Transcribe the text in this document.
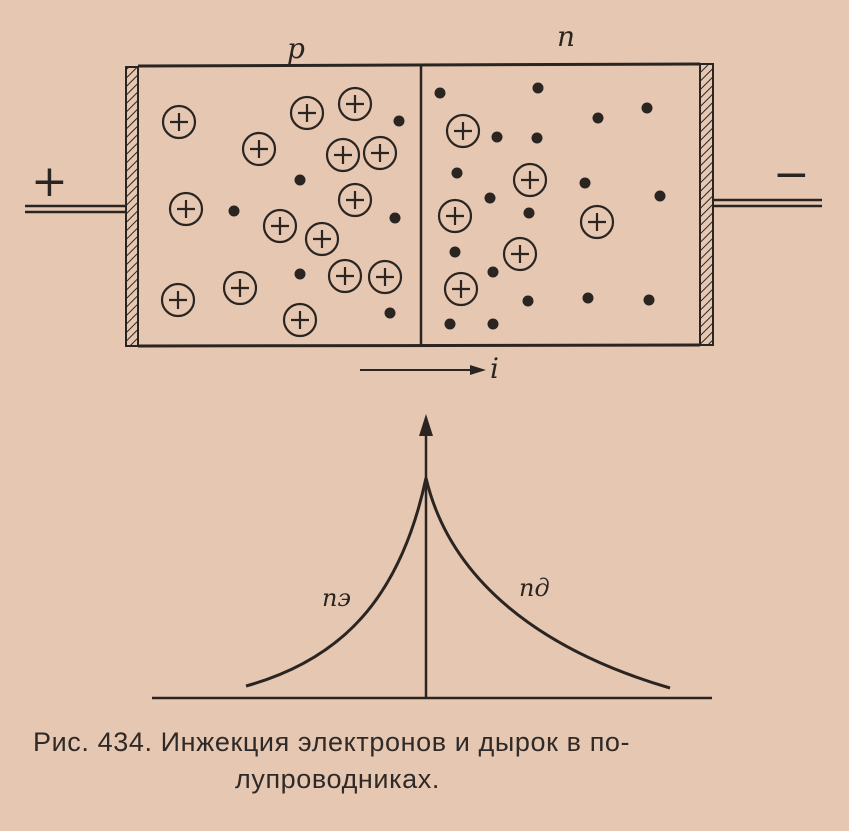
p	n
+	−
i
nэ	nд
Рис. 434. Инжекция электронов и дырок в по-
лупроводниках.
